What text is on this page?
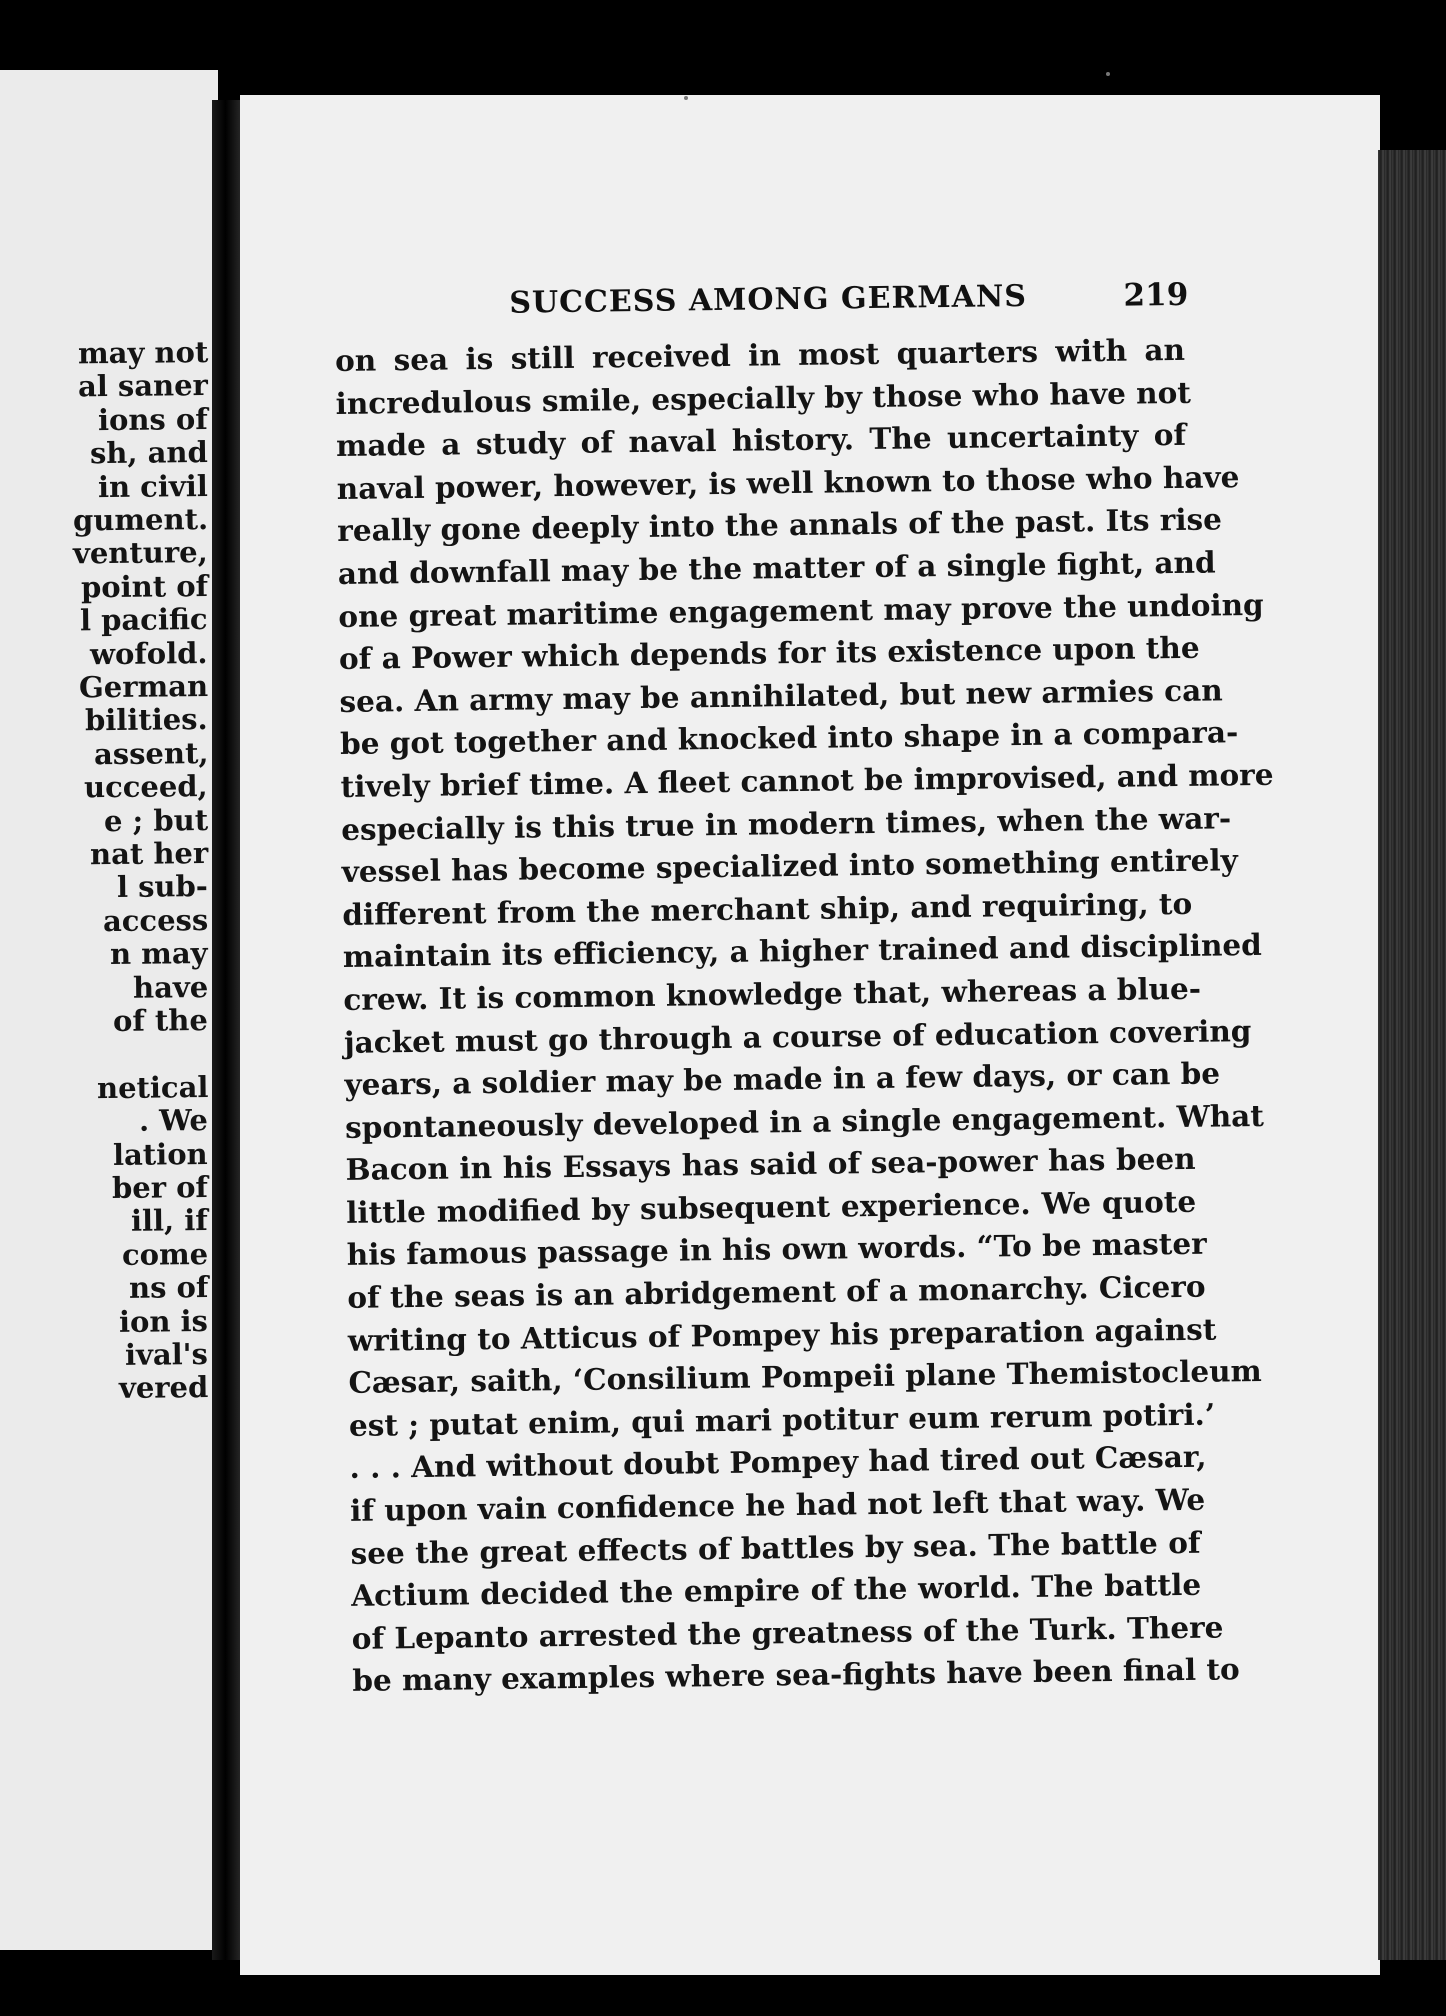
may not
al saner
ions of
sh, and
in civil
gument.
venture,
point of
l pacific
wofold.
German
bilities.
assent,
ucceed,
e ; but
nat her
l sub-
access
n may
have
of the
netical
. We
lation
ber of
ill, if
come
ns of
ion is
ival's
vered
SUCCESS AMONG GERMANS	219
on sea is still received in most quarters with an
incredulous smile, especially by those who have not
made a study of naval history. The uncertainty of
naval power, however, is well known to those who have
really gone deeply into the annals of the past. Its rise
and downfall may be the matter of a single fight, and
one great maritime engagement may prove the undoing
of a Power which depends for its existence upon the
sea. An army may be annihilated, but new armies can
be got together and knocked into shape in a compara-
tively brief time. A fleet cannot be improvised, and more
especially is this true in modern times, when the war-
vessel has become specialized into something entirely
different from the merchant ship, and requiring, to
maintain its efficiency, a higher trained and disciplined
crew. It is common knowledge that, whereas a blue-
jacket must go through a course of education covering
years, a soldier may be made in a few days, or can be
spontaneously developed in a single engagement. What
Bacon in his Essays has said of sea-power has been
little modified by subsequent experience. We quote
his famous passage in his own words. “To be master
of the seas is an abridgement of a monarchy. Cicero
writing to Atticus of Pompey his preparation against
Cæsar, saith, ‘Consilium Pompeii plane Themistocleum
est ; putat enim, qui mari potitur eum rerum potiri.’
. . . And without doubt Pompey had tired out Cæsar,
if upon vain confidence he had not left that way. We
see the great effects of battles by sea. The battle of
Actium decided the empire of the world. The battle
of Lepanto arrested the greatness of the Turk. There
be many examples where sea-fights have been final to
